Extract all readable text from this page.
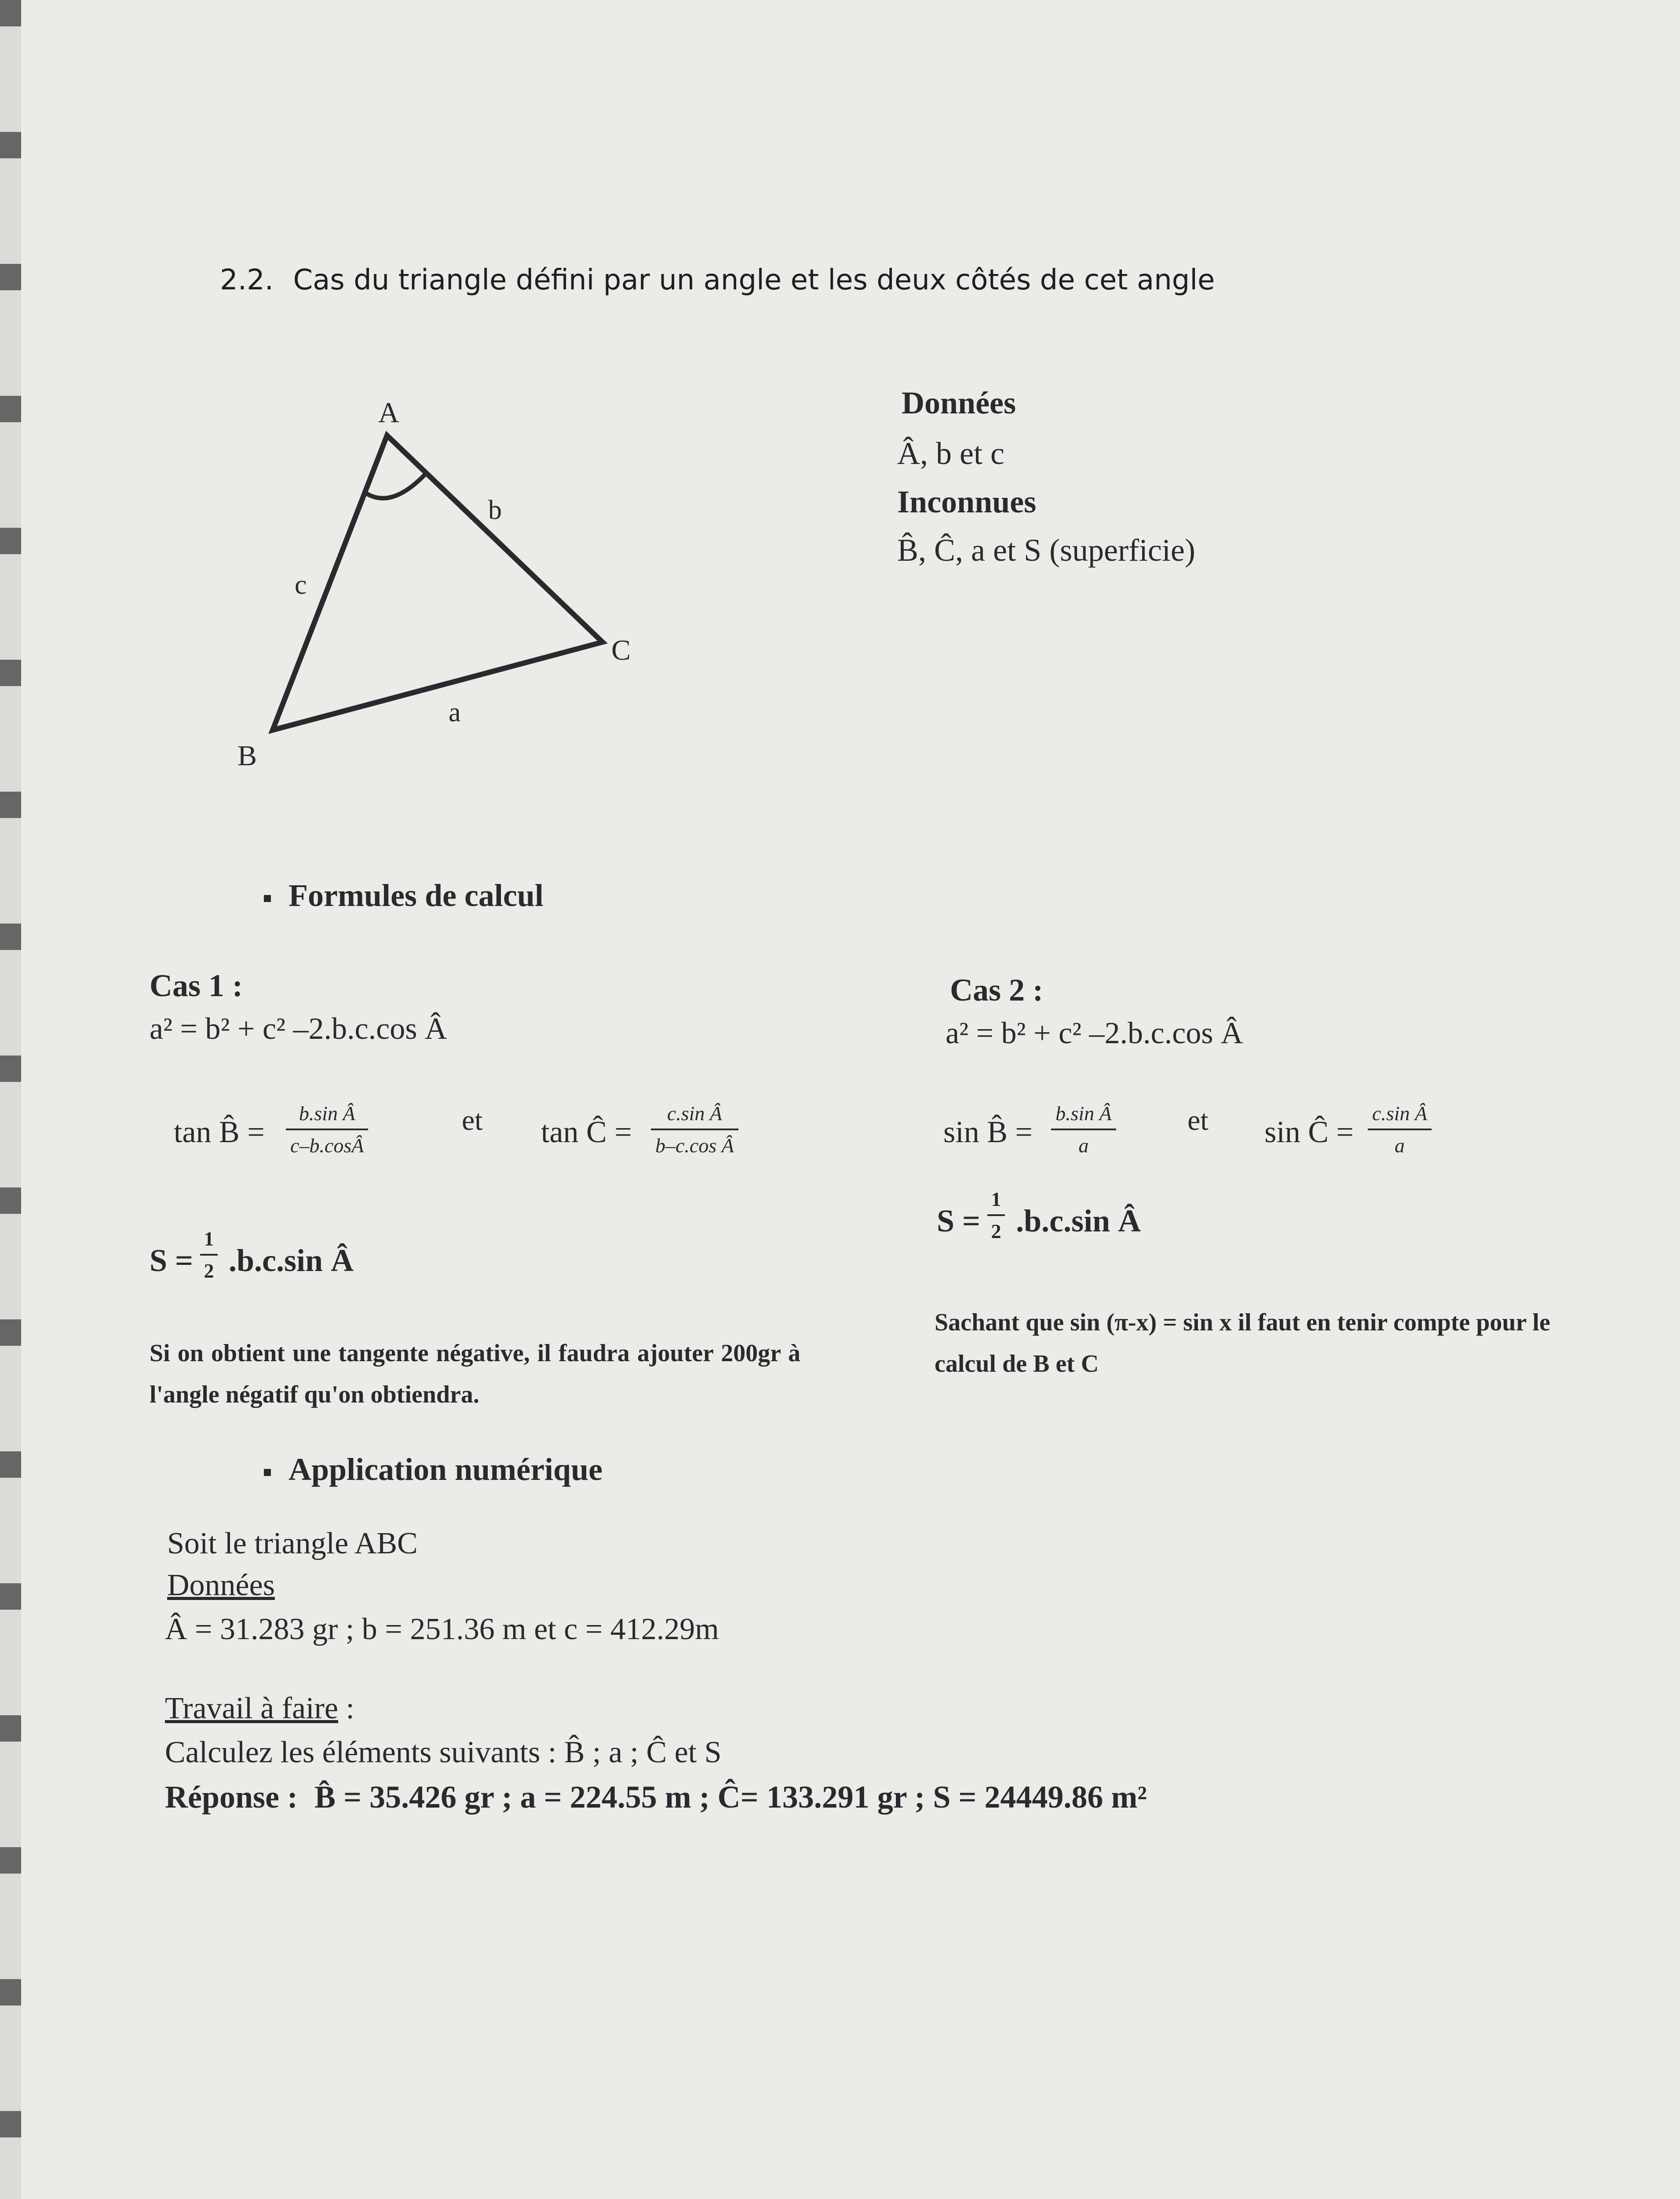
2.2. Cas du triangle défini par un angle et les deux côtés de cet angle
A
B
C
a
b
c
Données
Â, b et c
Inconnues
B̂, Ĉ, a et S (superficie)
Formules de calcul
Cas 1 :
a² = b² + c² –2.b.c.cos Â
tan B̂ =
b.sin Â
c–b.cosÂ
et tan Ĉ =
c.sin Â
b–c.cos Â
S =
1
2 .b.c.sin Â
Si on obtient une tangente négative, il faudra ajouter 200gr à l'angle négatif qu'on obtiendra.
Cas 2 :
a² = b² + c² –2.b.c.cos Â
sin B̂ =
b.sin Â
a
et sin Ĉ =
c.sin Â
a
S =
1
2 .b.c.sin Â
Sachant que sin (π-x) = sin x il faut en tenir compte pour le calcul de B et C
Application numérique
Soit le triangle ABC
Données
Â = 31.283 gr ; b = 251.36 m et c = 412.29m
Travail à faire :
Calculez les éléments suivants : B̂ ; a ; Ĉ et S
Réponse : B̂ = 35.426 gr ; a = 224.55 m ; Ĉ= 133.291 gr ; S = 24449.86 m²
